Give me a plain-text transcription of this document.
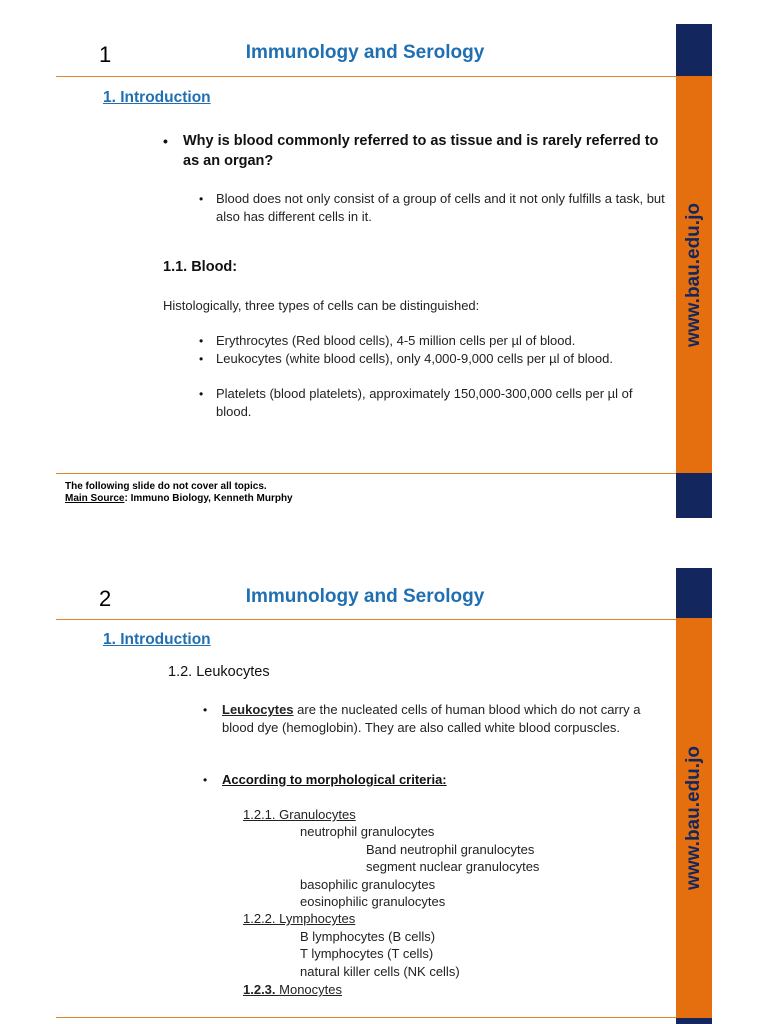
1	Immunology and Serology
1. Introduction
www.bau.edu.jo
• Why is blood commonly referred to as tissue and is rarely referred to as an organ?
• Blood does not only consist of a group of cells and it not only fulfills a task, but also has different cells in it.
1.1. Blood:
Histologically, three types of cells can be distinguished:
• Erythrocytes (Red blood cells), 4-5 million cells per µl of blood.
• Leukocytes (white blood cells), only 4,000-9,000 cells per µl of blood.
• Platelets (blood platelets), approximately 150,000-300,000 cells per µl of blood.
The following slide do not cover all topics.
Main Source: Immuno Biology, Kenneth Murphy
2	Immunology and Serology
1. Introduction
www.bau.edu.jo
1.2. Leukocytes
• Leukocytes are the nucleated cells of human blood which do not carry a blood dye (hemoglobin). They are also called white blood corpuscles.
• According to morphological criteria:
1.2.1. Granulocytes
neutrophil granulocytes
Band neutrophil granulocytes
segment nuclear granulocytes
basophilic granulocytes
eosinophilic granulocytes
1.2.2. Lymphocytes
B lymphocytes (B cells)
T lymphocytes (T cells)
natural killer cells (NK cells)
1.2.3. Monocytes
